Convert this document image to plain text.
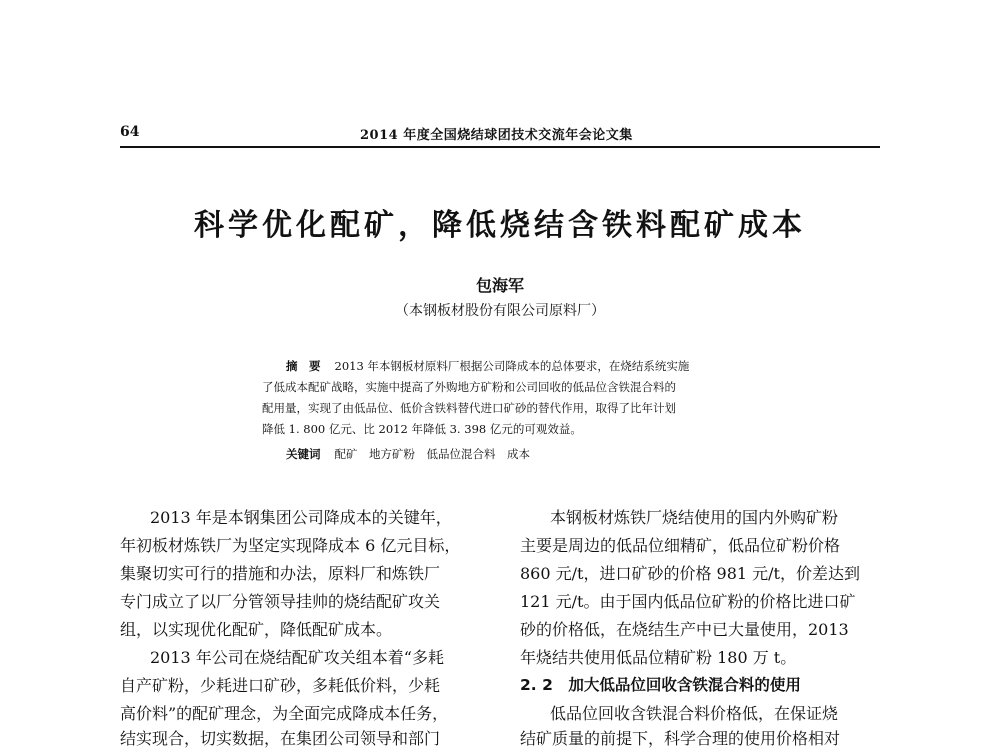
64	2014 年度全国烧结球团技术交流年会论文集
科学优化配矿，降低烧结含铁料配矿成本
包海军
（本钢板材股份有限公司原料厂）
摘　要 2013 年本钢板材原料厂根据公司降成本的总体要求，在烧结系统实施
了低成本配矿战略，实施中提高了外购地方矿粉和公司回收的低品位含铁混合料的
配用量，实现了由低品位、低价含铁料替代进口矿砂的替代作用，取得了比年计划
降低 1. 800 亿元、比 2012 年降低 3. 398 亿元的可观效益。
关键词 配矿　地方矿粉　低品位混合料　成本
2013 年是本钢集团公司降成本的关键年，
年初板材炼铁厂为坚定实现降成本 6 亿元目标，
集聚切实可行的措施和办法，原料厂和炼铁厂
专门成立了以厂分管领导挂帅的烧结配矿攻关
组，以实现优化配矿，降低配矿成本。
2013 年公司在烧结配矿攻关组本着“多耗
自产矿粉，少耗进口矿砂，多耗低价料，少耗
高价料”的配矿理念，为全面完成降成本任务，
结实现合，切实数据，在集团公司领导和部门
本钢板材炼铁厂烧结使用的国内外购矿粉
主要是周边的低品位细精矿，低品位矿粉价格
860 元/t，进口矿砂的价格 981 元/t，价差达到
121 元/t。由于国内低品位矿粉的价格比进口矿
砂的价格低，在烧结生产中已大量使用，2013
年烧结共使用低品位精矿粉 180 万 t。
2. 2　加大低品位回收含铁混合料的使用
低品位回收含铁混合料价格低，在保证烧
结矿质量的前提下，科学合理的使用价格相对
